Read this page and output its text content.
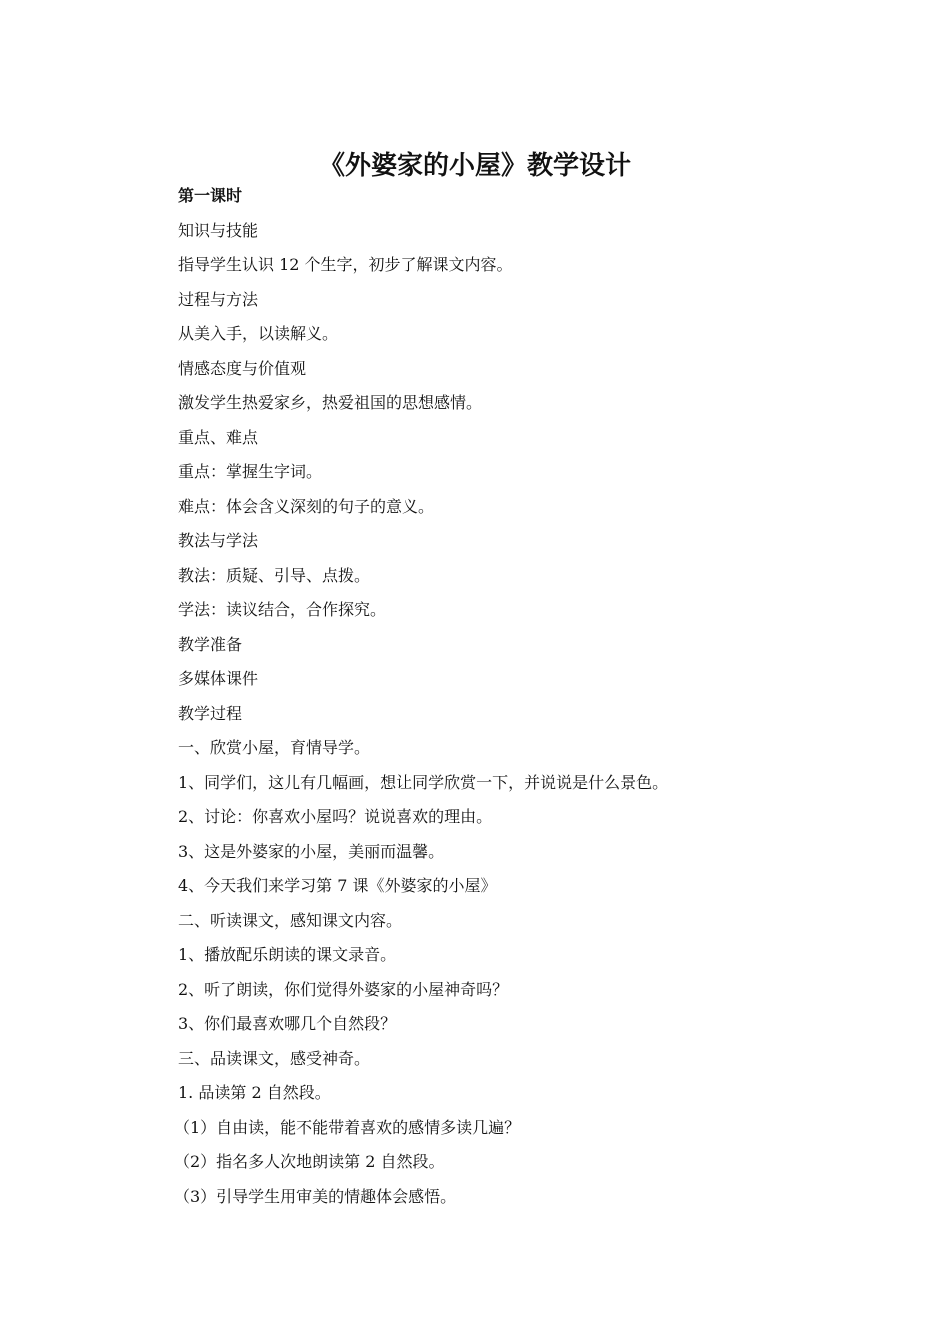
《外婆家的小屋》教学设计
第一课时
知识与技能
指导学生认识 12 个生字，初步了解课文内容。
过程与方法
从美入手，以读解义。
情感态度与价值观
激发学生热爱家乡，热爱祖国的思想感情。
重点、难点
重点：掌握生字词。
难点：体会含义深刻的句子的意义。
教法与学法
教法：质疑、引导、点拨。
学法：读议结合，合作探究。
教学准备
多媒体课件
教学过程
一、欣赏小屋，育情导学。
1、同学们，这儿有几幅画，想让同学欣赏一下，并说说是什么景色。
2、讨论：你喜欢小屋吗？说说喜欢的理由。
3、这是外婆家的小屋，美丽而温馨。
4、今天我们来学习第 7 课《外婆家的小屋》
二、听读课文，感知课文内容。
1、播放配乐朗读的课文录音。
2、听了朗读，你们觉得外婆家的小屋神奇吗？
3、你们最喜欢哪几个自然段？
三、品读课文，感受神奇。
1. 品读第 2 自然段。
（1）自由读，能不能带着喜欢的感情多读几遍？
（2）指名多人次地朗读第 2 自然段。
（3）引导学生用审美的情趣体会感悟。
